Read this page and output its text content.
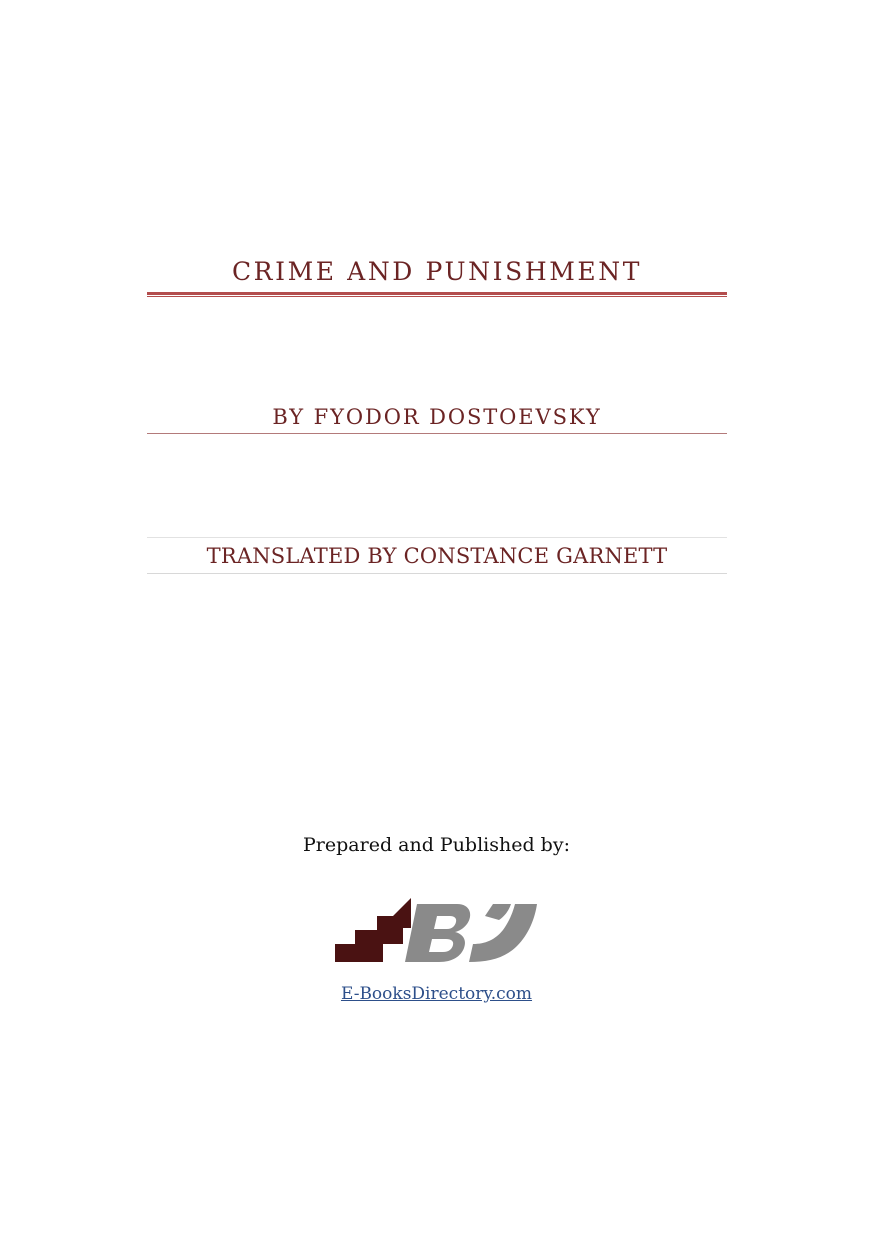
CRIME AND PUNISHMENT
BY FYODOR DOSTOEVSKY
TRANSLATED BY CONSTANCE GARNETT
Prepared and Published by:
E-BooksDirectory.com
